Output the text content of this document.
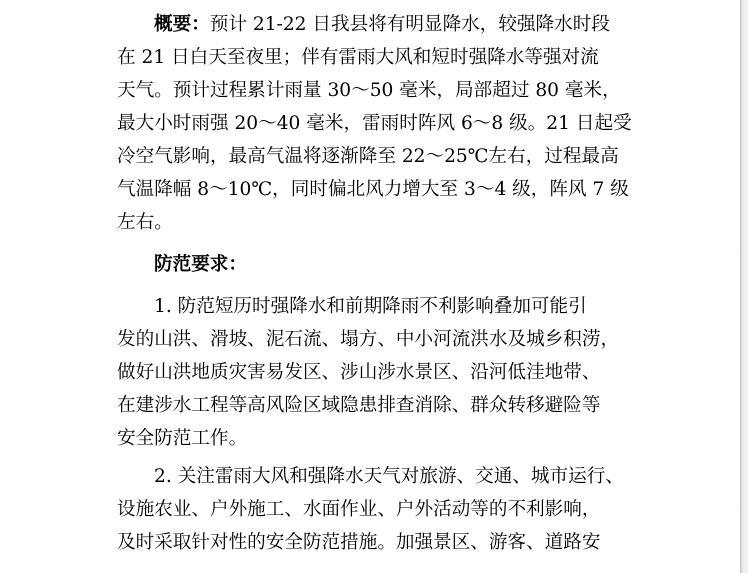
概要：预计 21-22 日我县将有明显降水，较强降水时段
在 21 日白天至夜里；伴有雷雨大风和短时强降水等强对流
天气。预计过程累计雨量 30～50 毫米，局部超过 80 毫米，
最大小时雨强 20～40 毫米，雷雨时阵风 6～8 级。21 日起受
冷空气影响，最高气温将逐渐降至 22～25℃左右，过程最高
气温降幅 8～10℃，同时偏北风力增大至 3～4 级，阵风 7 级
左右。
防范要求：
1. 防范短历时强降水和前期降雨不利影响叠加可能引
发的山洪、滑坡、泥石流、塌方、中小河流洪水及城乡积涝，
做好山洪地质灾害易发区、涉山涉水景区、沿河低洼地带、
在建涉水工程等高风险区域隐患排查消除、群众转移避险等
安全防范工作。
2. 关注雷雨大风和强降水天气对旅游、交通、城市运行、
设施农业、户外施工、水面作业、户外活动等的不利影响，
及时采取针对性的安全防范措施。加强景区、游客、道路安
